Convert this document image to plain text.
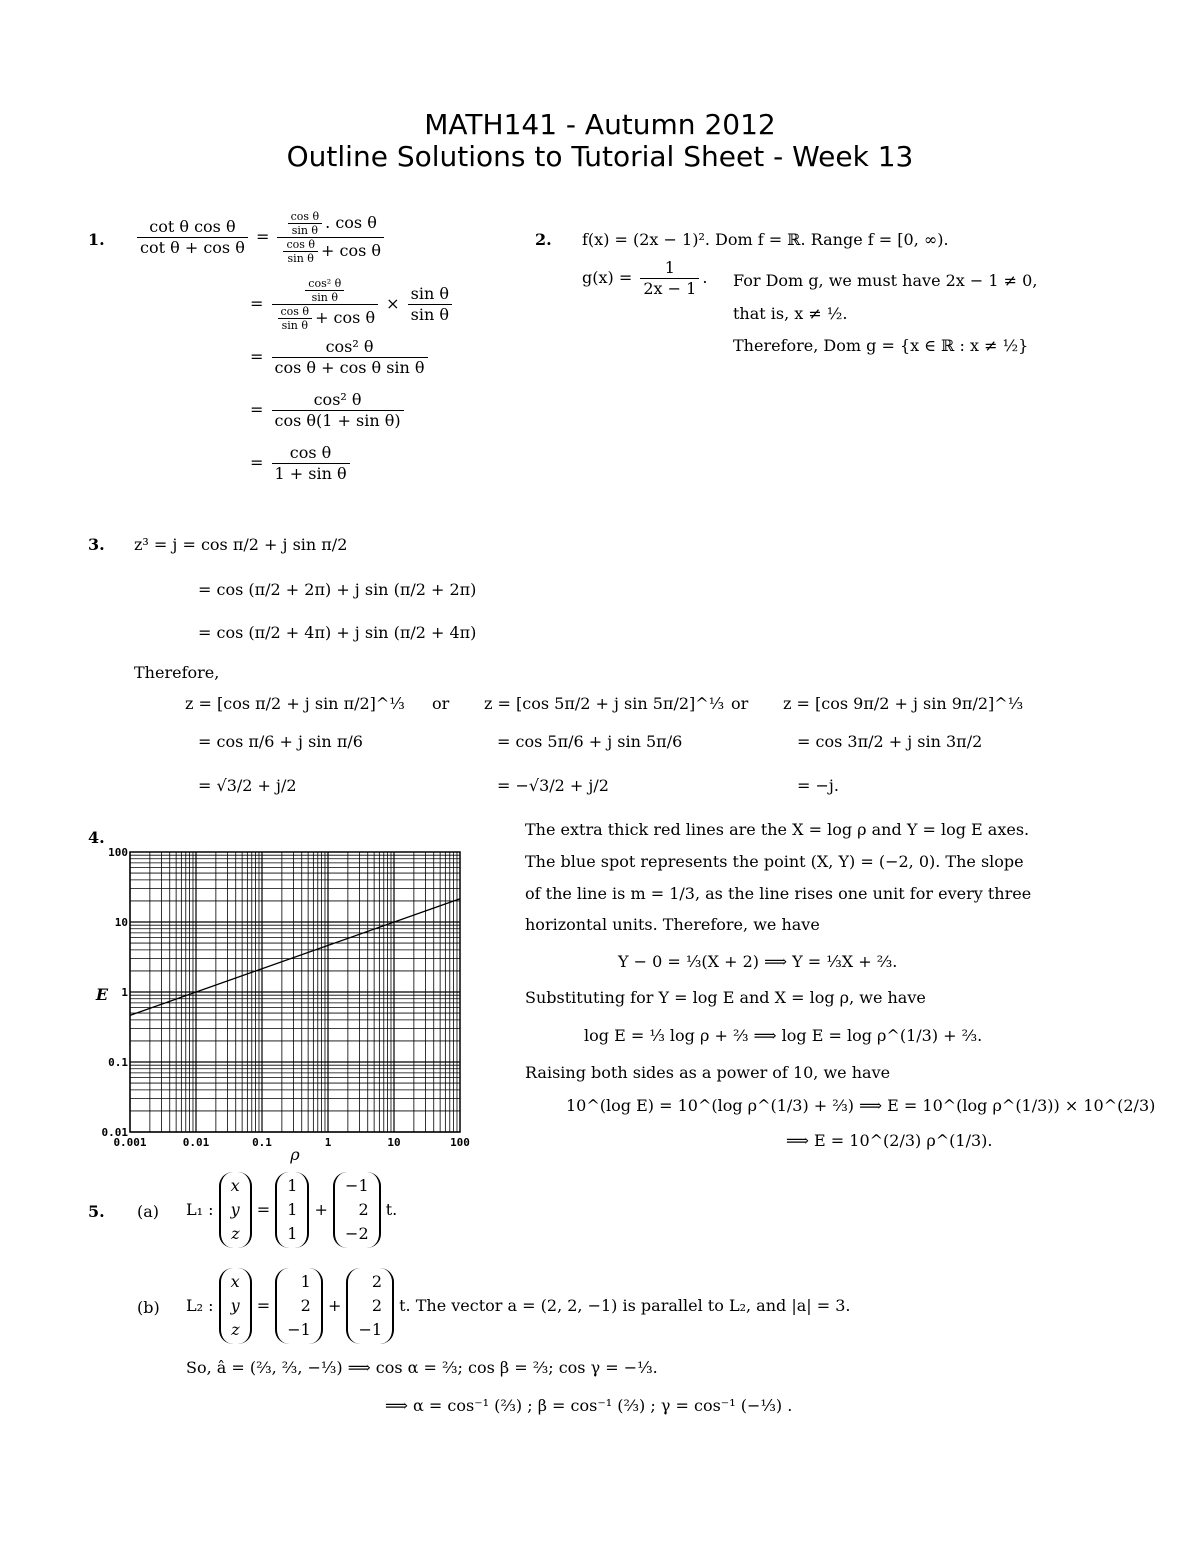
MATH141 - Autumn 2012
Outline Solutions to Tutorial Sheet - Week 13
1. $\frac{\text{cot θ cos θ}}{\text{cot θ + cos θ}} = \frac{\frac{\text{cos θ}}{\text{sin θ}} . \cos \theta}{\frac{\text{cos θ}}{\text{sin θ}} + \cos \theta}$
= $\frac{\frac{\text{cos² θ}}{\text{sin θ}}}{\frac{\text{cos θ}}{\text{sin θ}} + \cos \theta} \times \frac{\text{sin θ}}{\text{sin θ}}$
= $\frac{\text{cos² θ}}{\text{cos θ + cos θ sin θ}}$
= $\frac{\text{cos² θ}}{\text{cos θ(1 + sin θ)}}$
= $\frac{\text{cos θ}}{\text{1 + sin θ}}$
2. f(x) = (2x − 1)². Dom f = ℝ. Range f = [0, ∞).
$g(x) = \frac{1}{2x - 1}$ . For Dom g, we must have 2x − 1 ≠ 0,
that is, x ≠ ½.
Therefore, Dom g = {x ∈ ℝ : x ≠ ½}
3. z³ = j = cos π/2 + j sin π/2
= cos (π/2 + 2π) + j sin (π/2 + 2π)
= cos (π/2 + 4π) + j sin (π/2 + 4π)
Therefore,
z = [cos π/2 + j sin π/2]^⅓
= cos π/6 + j sin π/6
= √3/2 + j/2
or z = [cos 5π/2 + j sin 5π/2]^⅓
= cos 5π/6 + j sin 5π/6
= −√3/2 + j/2
or z = [cos 9π/2 + j sin 9π/2]^⅓
= cos 3π/2 + j sin 3π/2
= −j.
4.
0.001	0.01	0.1	1	10	100
0.01
0.1
1
10
100
ρ
E
The extra thick red lines are the X = log ρ and Y = log E axes.
The blue spot represents the point (X, Y) = (−2, 0). The slope
of the line is m = 1/3, as the line rises one unit for every three
horizontal units. Therefore, we have
Y − 0 = ⅓(X + 2) ⟹ Y = ⅓X + ⅔.
Substituting for Y = log E and X = log ρ, we have
log E = ⅓ log ρ + ⅔ ⟹ log E = log ρ^(1/3) + ⅔.
Raising both sides as a power of 10, we have
10^(log E) = 10^(log ρ^(1/3) + ⅔) ⟹ E = 10^(log ρ^(1/3)) × 10^(2/3)
⟹ E = 10^(2/3) ρ^(1/3).
5. (a) L₁ : x
y
z = 1
1
1 + −1
2
−2 t.
(b) L₂ : x
y
z = 1
2
−1 + 2
2
−1 t. The vector a = (2, 2, −1) is parallel to L₂, and |a| = 3.
So, â = (⅔, ⅔, −⅓) ⟹ cos α = ⅔; cos β = ⅔; cos γ = −⅓.
⟹ α = cos⁻¹ (⅔) ; β = cos⁻¹ (⅔) ; γ = cos⁻¹ (−⅓) .
